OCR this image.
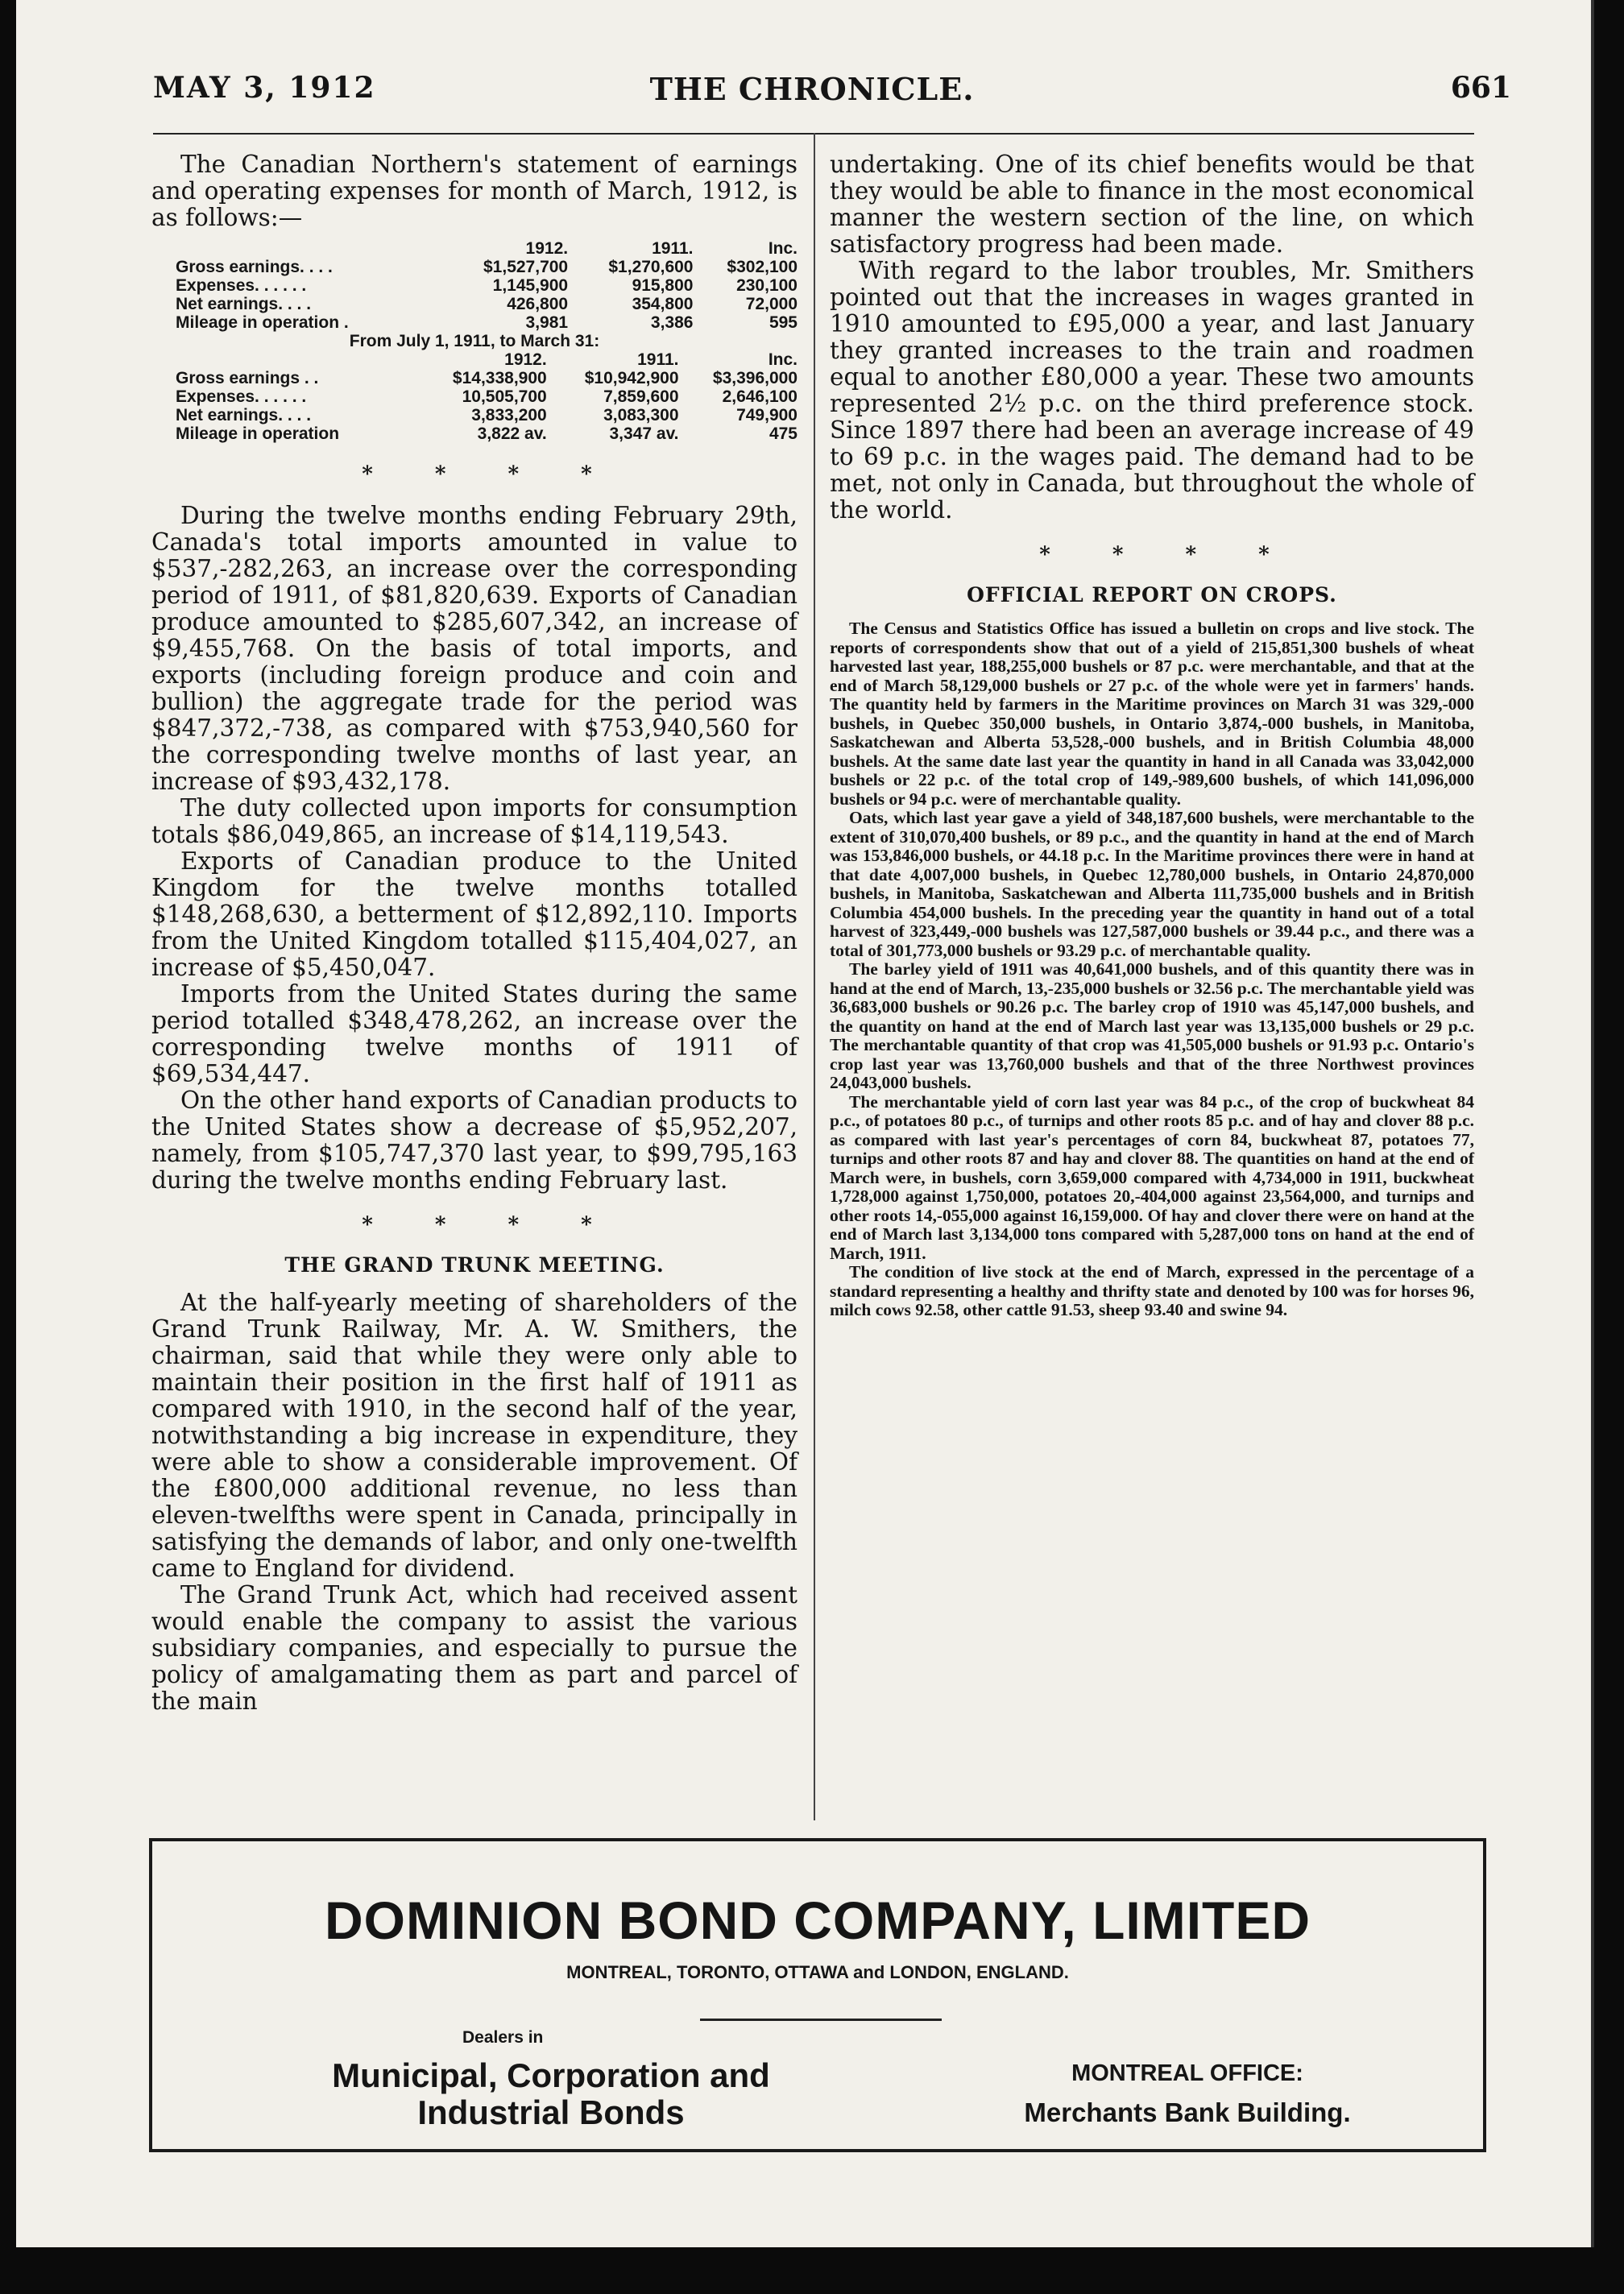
MAY 3, 1912	THE CHRONICLE.	661

The Canadian Northern's statement of earnings and operating expenses for month of March, 1912, is as follows:—

	1912.	1911.	Inc.
Gross earnings. . . .	$1,527,700	$1,270,600	$302,100
Expenses. . . . . .	1,145,900	915,800	230,100
Net earnings. . . .	426,800	354,800	72,000
Mileage in operation .	3,981	3,386	595
From July 1, 1911, to March 31:
	1912.	1911.	Inc.
Gross earnings . .	$14,338,900	$10,942,900	$3,396,000
Expenses. . . . . .	10,505,700	7,859,600	2,646,100
Net earnings. . . .	3,833,200	3,083,300	749,900
Mileage in operation	3,822 av.	3,347 av.	475
* * * *

During the twelve months ending February 29th, Canada's total imports amounted in value to $537,-282,263, an increase over the corresponding period of 1911, of $81,820,639. Exports of Canadian produce amounted to $285,607,342, an increase of $9,455,768. On the basis of total imports, and exports (including foreign produce and coin and bullion) the aggregate trade for the period was $847,372,-738, as compared with $753,940,560 for the corresponding twelve months of last year, an increase of $93,432,178.

The duty collected upon imports for consumption totals $86,049,865, an increase of $14,119,543.

Exports of Canadian produce to the United Kingdom for the twelve months totalled $148,268,630, a betterment of $12,892,110. Imports from the United Kingdom totalled $115,404,027, an increase of $5,450,047.

Imports from the United States during the same period totalled $348,478,262, an increase over the corresponding twelve months of 1911 of $69,534,447.

On the other hand exports of Canadian products to the United States show a decrease of $5,952,207, namely, from $105,747,370 last year, to $99,795,163 during the twelve months ending February last.

* * * *
THE GRAND TRUNK MEETING.

At the half-yearly meeting of shareholders of the Grand Trunk Railway, Mr. A. W. Smithers, the chairman, said that while they were only able to maintain their position in the first half of 1911 as compared with 1910, in the second half of the year, notwithstanding a big increase in expenditure, they were able to show a considerable improvement. Of the £800,000 additional revenue, no less than eleven-twelfths were spent in Canada, principally in satisfying the demands of labor, and only one-twelfth came to England for dividend.

The Grand Trunk Act, which had received assent would enable the company to assist the various subsidiary companies, and especially to pursue the policy of amalgamating them as part and parcel of the main

undertaking. One of its chief benefits would be that they would be able to finance in the most economical manner the western section of the line, on which satisfactory progress had been made.

With regard to the labor troubles, Mr. Smithers pointed out that the increases in wages granted in 1910 amounted to £95,000 a year, and last January they granted increases to the train and roadmen equal to another £80,000 a year. These two amounts represented 2½ p.c. on the third preference stock. Since 1897 there had been an average increase of 49 to 69 p.c. in the wages paid. The demand had to be met, not only in Canada, but throughout the whole of the world.

* * * *
OFFICIAL REPORT ON CROPS.

The Census and Statistics Office has issued a bulletin on crops and live stock. The reports of correspondents show that out of a yield of 215,851,300 bushels of wheat harvested last year, 188,255,000 bushels or 87 p.c. were merchantable, and that at the end of March 58,129,000 bushels or 27 p.c. of the whole were yet in farmers' hands. The quantity held by farmers in the Maritime provinces on March 31 was 329,-000 bushels, in Quebec 350,000 bushels, in Ontario 3,874,-000 bushels, in Manitoba, Saskatchewan and Alberta 53,528,-000 bushels, and in British Columbia 48,000 bushels. At the same date last year the quantity in hand in all Canada was 33,042,000 bushels or 22 p.c. of the total crop of 149,-989,600 bushels, of which 141,096,000 bushels or 94 p.c. were of merchantable quality.

Oats, which last year gave a yield of 348,187,600 bushels, were merchantable to the extent of 310,070,400 bushels, or 89 p.c., and the quantity in hand at the end of March was 153,846,000 bushels, or 44.18 p.c. In the Maritime provinces there were in hand at that date 4,007,000 bushels, in Quebec 12,780,000 bushels, in Ontario 24,870,000 bushels, in Manitoba, Saskatchewan and Alberta 111,735,000 bushels and in British Columbia 454,000 bushels. In the preceding year the quantity in hand out of a total harvest of 323,449,-000 bushels was 127,587,000 bushels or 39.44 p.c., and there was a total of 301,773,000 bushels or 93.29 p.c. of merchantable quality.

The barley yield of 1911 was 40,641,000 bushels, and of this quantity there was in hand at the end of March, 13,-235,000 bushels or 32.56 p.c. The merchantable yield was 36,683,000 bushels or 90.26 p.c. The barley crop of 1910 was 45,147,000 bushels, and the quantity on hand at the end of March last year was 13,135,000 bushels or 29 p.c. The merchantable quantity of that crop was 41,505,000 bushels or 91.93 p.c. Ontario's crop last year was 13,760,000 bushels and that of the three Northwest provinces 24,043,000 bushels.

The merchantable yield of corn last year was 84 p.c., of the crop of buckwheat 84 p.c., of potatoes 80 p.c., of turnips and other roots 85 p.c. and of hay and clover 88 p.c. as compared with last year's percentages of corn 84, buckwheat 87, potatoes 77, turnips and other roots 87 and hay and clover 88. The quantities on hand at the end of March were, in bushels, corn 3,659,000 compared with 4,734,000 in 1911, buckwheat 1,728,000 against 1,750,000, potatoes 20,-404,000 against 23,564,000, and turnips and other roots 14,-055,000 against 16,159,000. Of hay and clover there were on hand at the end of March last 3,134,000 tons compared with 5,287,000 tons on hand at the end of March, 1911.

The condition of live stock at the end of March, expressed in the percentage of a standard representing a healthy and thrifty state and denoted by 100 was for horses 96, milch cows 92.58, other cattle 91.53, sheep 93.40 and swine 94.

DOMINION BOND COMPANY, LIMITED
MONTREAL, TORONTO, OTTAWA and LONDON, ENGLAND.
Dealers in
Municipal, Corporation and
Industrial Bonds
MONTREAL OFFICE:
Merchants Bank Building.
